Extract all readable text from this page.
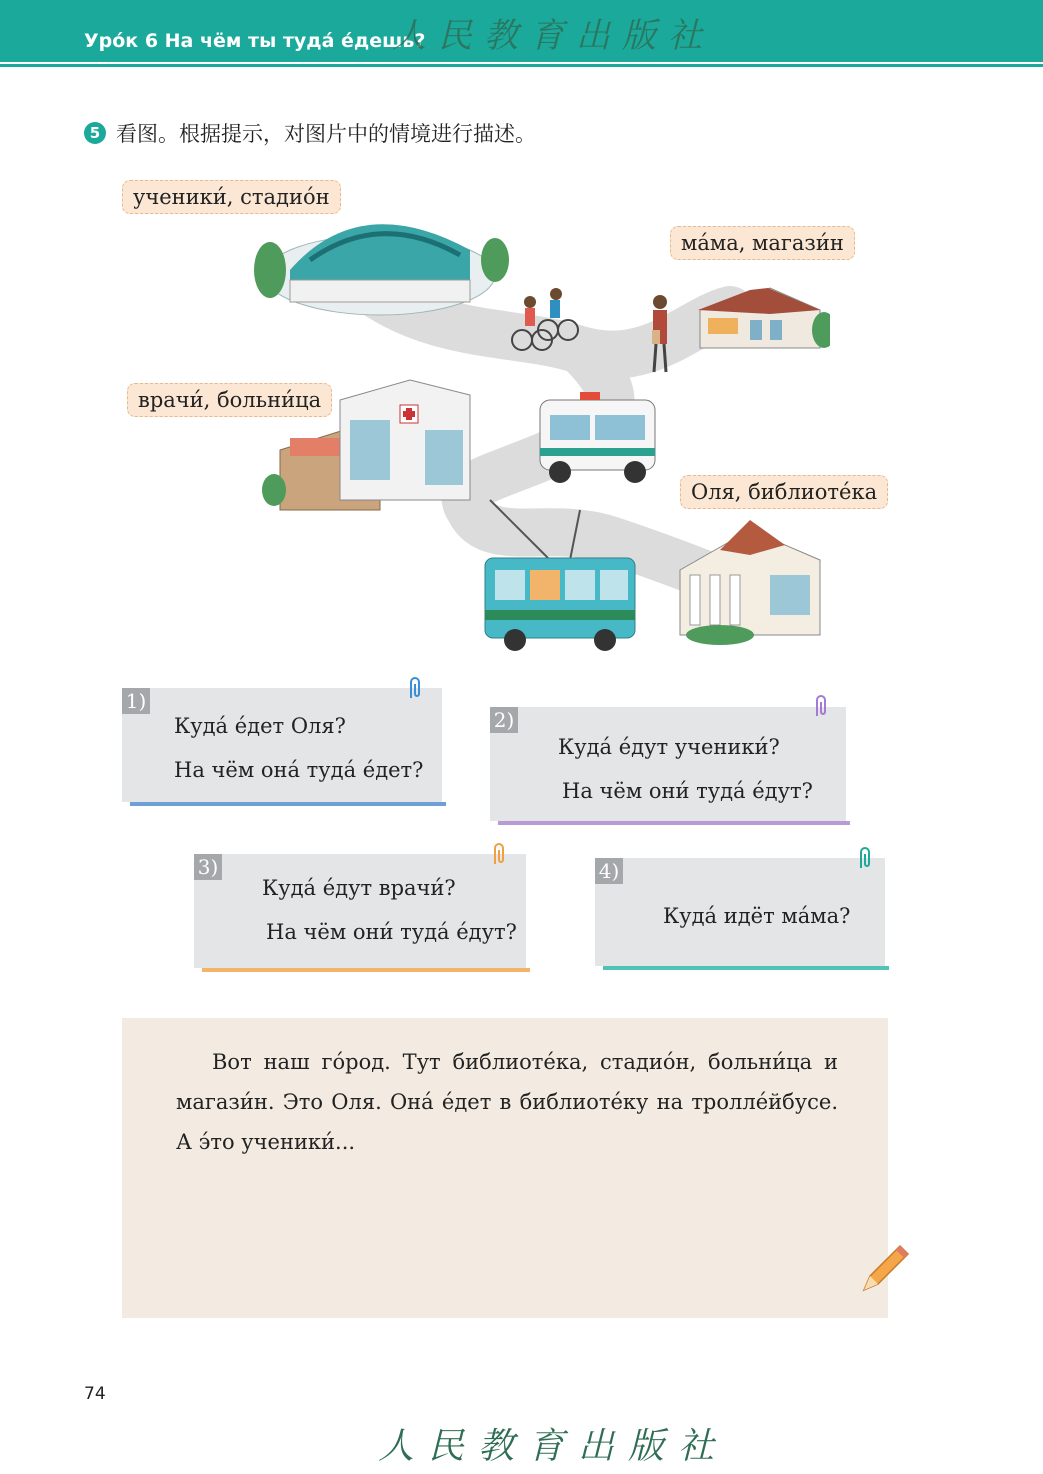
Уро́к 6 На чём ты туда́ е́дешь?
人民教育出版社
5 看图。根据提示，对图片中的情境进行描述。
ученики́, стадио́н
ма́ма, магази́н
врачи́, больни́ца
Оля, библиоте́ка
1)
Куда́ е́дет Оля?
На чём она́ туда́ е́дет?
2)
Куда́ е́дут ученики́?
На чём они́ туда́ е́дут?
3)
Куда́ е́дут врачи́?
На чём они́ туда́ е́дут?
4)
Куда́ идёт ма́ма?
Вот наш го́род. Тут библиоте́ка, стадио́н, больни́ца и магази́н. Это Оля. Она́ е́дет в библиоте́ку на тролле́йбусе. А э́то ученики́...
74
人民教育出版社
